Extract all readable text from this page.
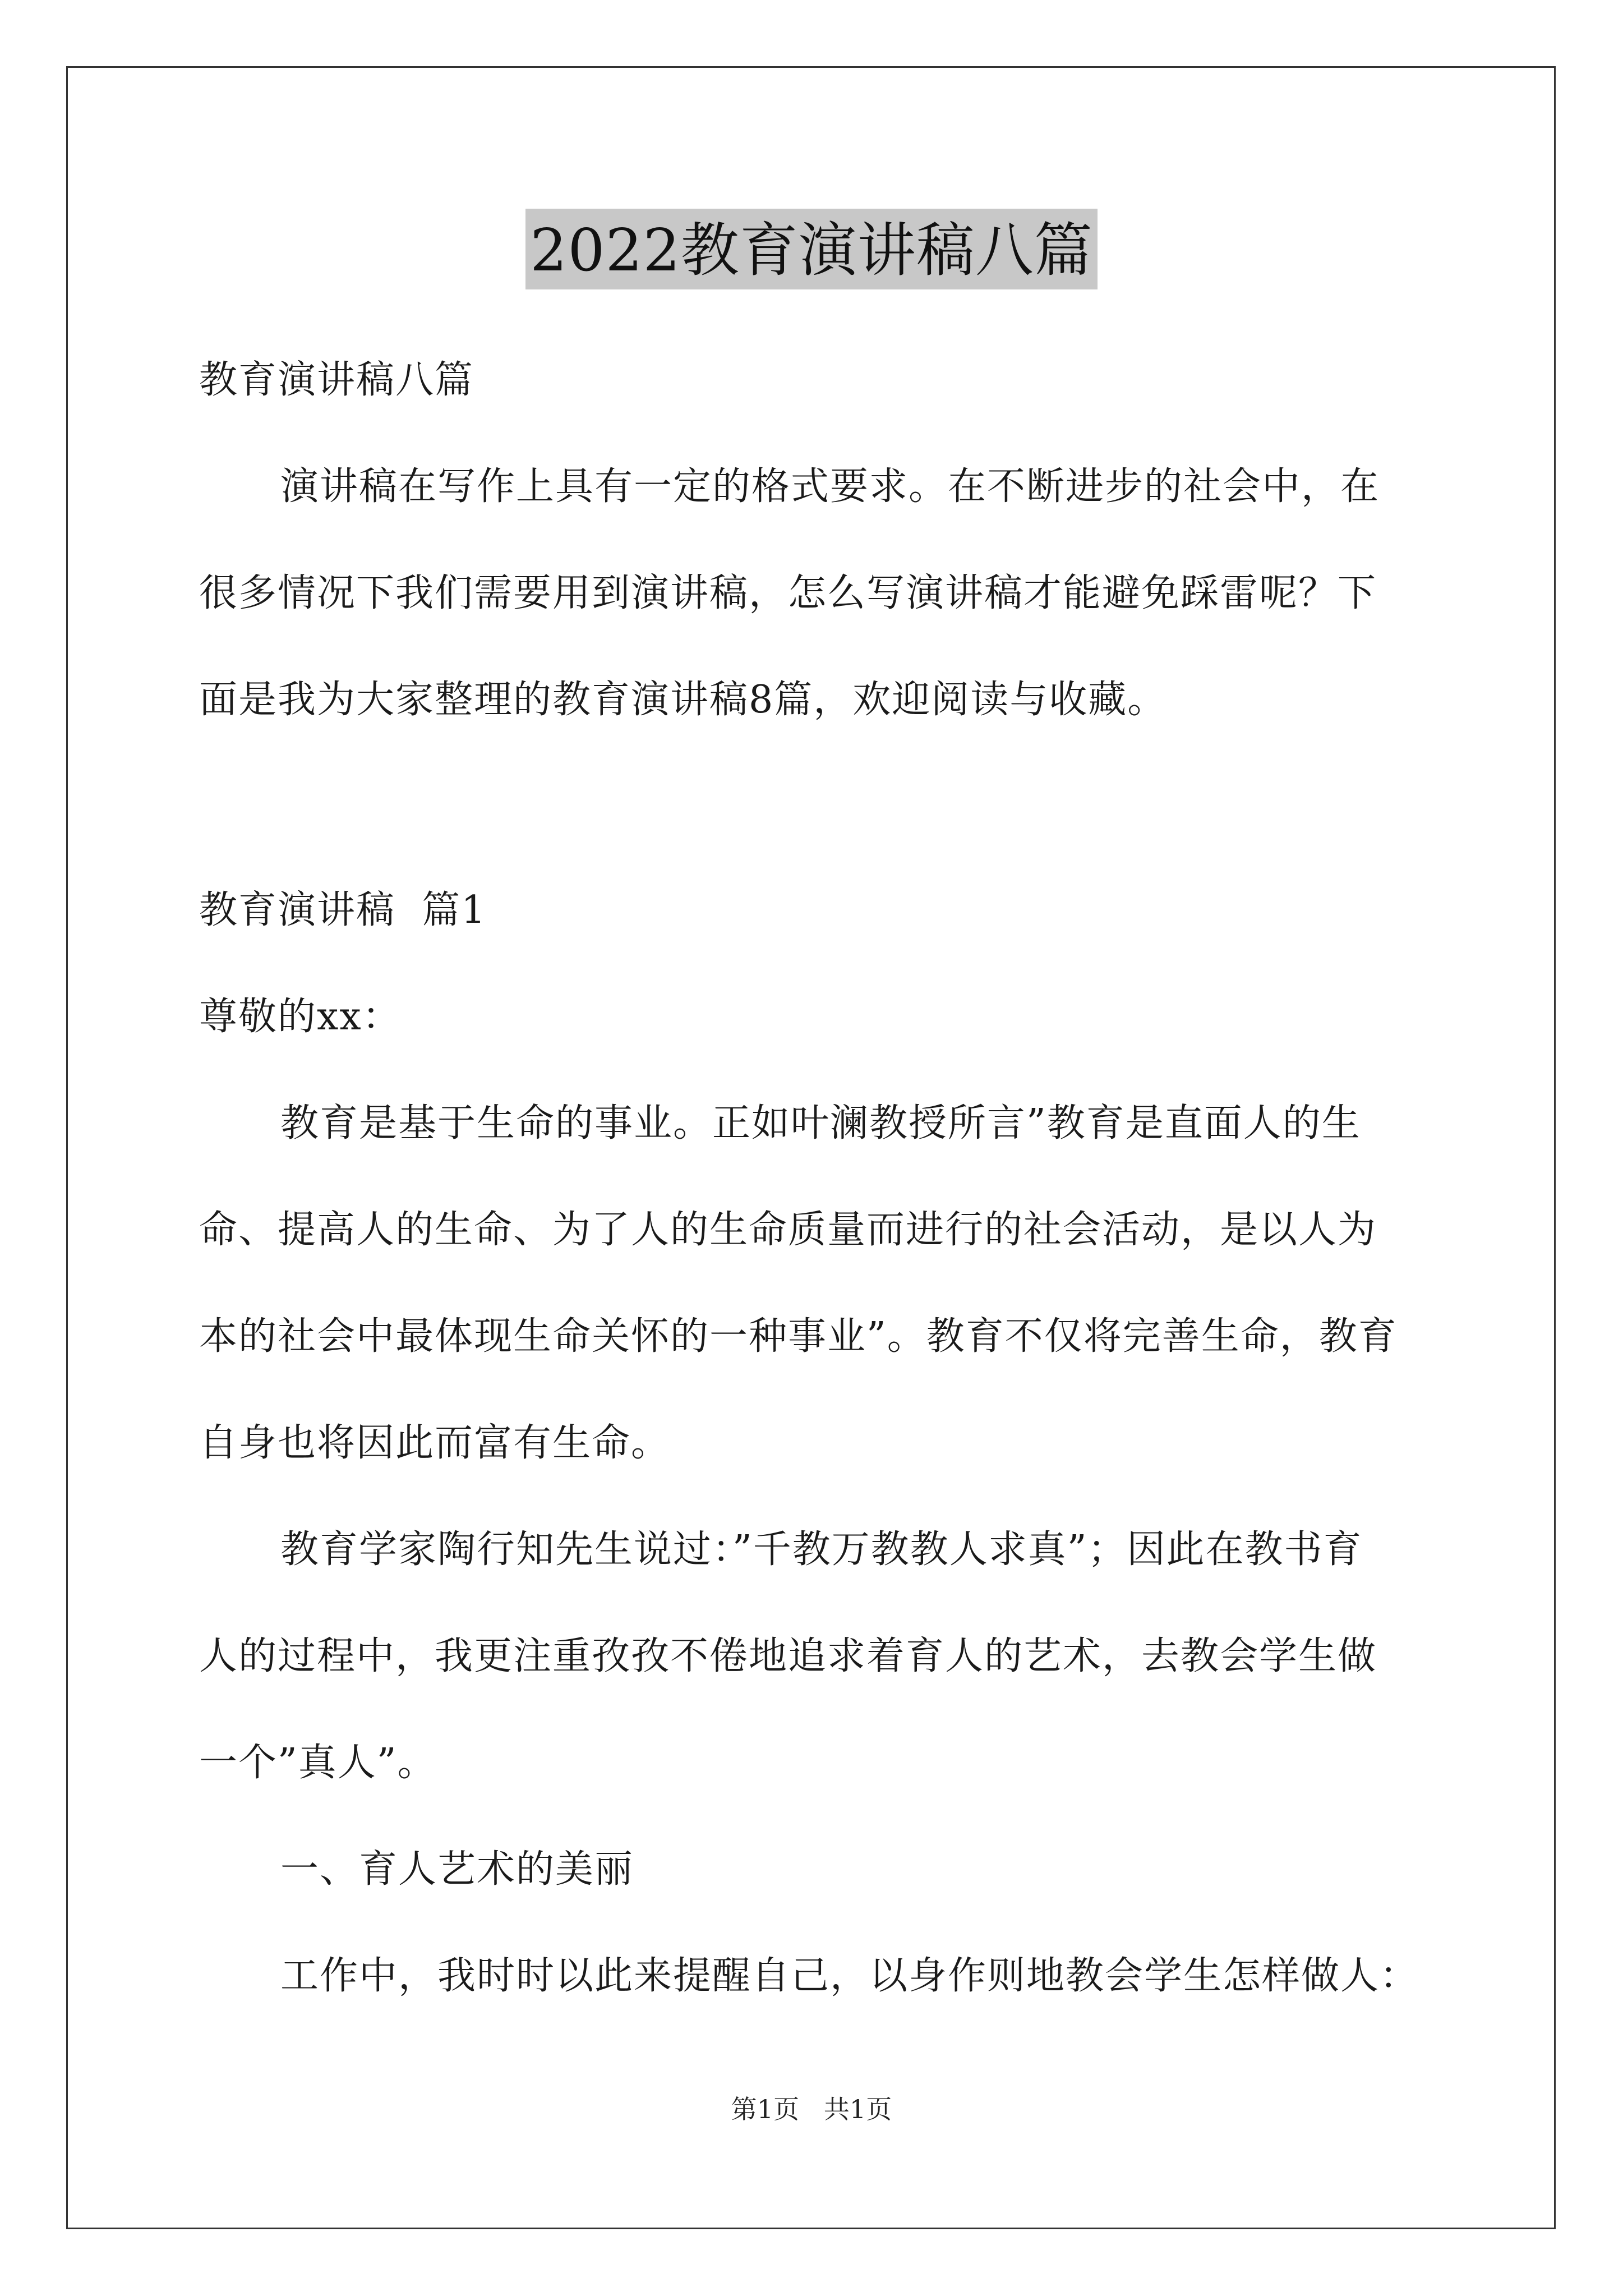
2022教育演讲稿八篇
教育演讲稿八篇
演讲稿在写作上具有一定的格式要求。在不断进步的社会中，在
很多情况下我们需要用到演讲稿，怎么写演讲稿才能避免踩雷呢？下
面是我为大家整理的教育演讲稿8篇，欢迎阅读与收藏。
教育演讲稿  篇1
尊敬的xx：
教育是基于生命的事业。正如叶澜教授所言”教育是直面人的生
命、提高人的生命、为了人的生命质量而进行的社会活动，是以人为
本的社会中最体现生命关怀的一种事业”。教育不仅将完善生命，教育
自身也将因此而富有生命。
教育学家陶行知先生说过：”千教万教教人求真”；因此在教书育
人的过程中，我更注重孜孜不倦地追求着育人的艺术，去教会学生做
一个”真人”。
一、育人艺术的美丽
工作中，我时时以此来提醒自己，以身作则地教会学生怎样做人：
第1页   共1页
